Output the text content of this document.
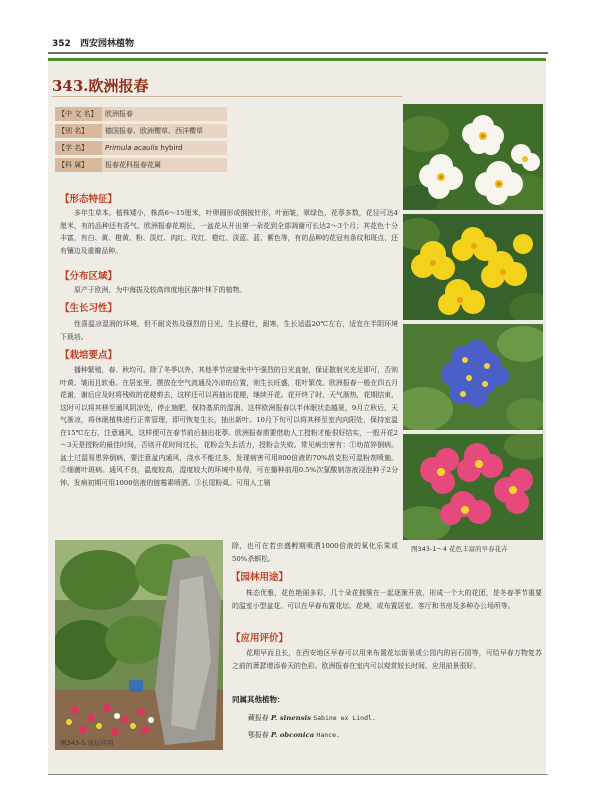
352 西安园林植物
343.欧洲报春
【中 文 名】 欧洲报春
【别 名】 德国报春、欧洲樱草、西洋樱草
【学 名】 Primula acaulis hybird
【科 属】 报春花科报春花属
图343-1～4 花色丰富的早春花卉
图343-5 花坛应用
【形态特征】
【分布区域】
【生长习性】
【栽培要点】
【园林用途】
【应用评价】
多年生草本。植株矮小，株高6～15厘米，叶卵圆形或倒披针形，叶面皱，翠绿色，花葶多数，花径可达4厘米，有的品种还有香气。欧洲报春花期长，一盆花从开出第一朵花到全部凋谢可长达2～3个月；其花色十分丰富，有白、黄、橙黄、粉、淡红、肉红、玫红、橙红、淡蓝、蓝、紫色等，有的品种的花冠有条纹和斑点，还有镶边及重瓣品种。
原产于欧洲，为中海拔及较高纬度地区落叶林下的植物。
性喜温凉湿润的环境，但不耐炎热及强烈的日光，生长健壮，耐寒，生长适温20℃左右，适宜在半阴环境下栽培。
播种繁殖，春、秋均可。除了冬季以外，其他季节应避免中午强烈的日光直射，保证散射光充足即可，否则叶黄、皱而且软垂。在居室里，摆放在空气流通及冷凉的位置，则生长旺盛，花叶繁茂。欧洲报春一般在四五月花谢，谢后应及时将残败的花梗剪去，这样还可以再抽出花梗，继续开花。花开终了时，天气渐热，花期结束，这时可以将其移至通风阴凉处，停止施肥，保持基质的湿润，这样欧洲报春以半休眠状态越夏，9月立秋后，天气渐凉，将休眠植株进行正常管理，即可恢复生长，抽出新叶。10月下旬可以将其移至室内向阳处，保持室温在15℃左右，注意通风，这样便可在春节前后抽出花葶。欧洲报春需要借助人工授粉才能很好结实，一般开花2～3天是授粉的最佳时间，否则开花时间过长，花粉会失去活力，授粉会失败。常见病虫害有：①幼苗猝倒病。盆土过湿易患猝倒病，要注意盆内通风，浇水不能过多，发现病害可用800倍液的70%敌克松可湿粉剂喷施。②细菌叶斑病。通风不良，温度较高，湿度较大的环境中易得，可在播种前用0.5%次氯酸钠溶液浸泡种子2分钟。发病初期可用1000倍液的链霉素喷洒。③长尾粉虱。可用人工剔
除，也可在若虫盛孵期喷洒1000倍液的氧化乐果或50%杀螟松。
株态优雅，花色艳丽多彩，几十朵花拥簇在一起逐渐开放，形成一个大的花团，是冬春季节重要的温室小型盆花。可以在早春布置花坛、花境，或布置居室、客厅和书房及多种办公场所等。
花期早而且长，在西安地区早春可以用来布置花坛街景或公园内的岩石园等，可给早春万物复苏之前的萧瑟增添春天的色彩。欧洲报春在室内可以观赏较长时间，应用前景很好。
同属其他植物：
藏报春 P. sinensis Sabine ex Lindl.
鄂报春 P. obconica Hance.
